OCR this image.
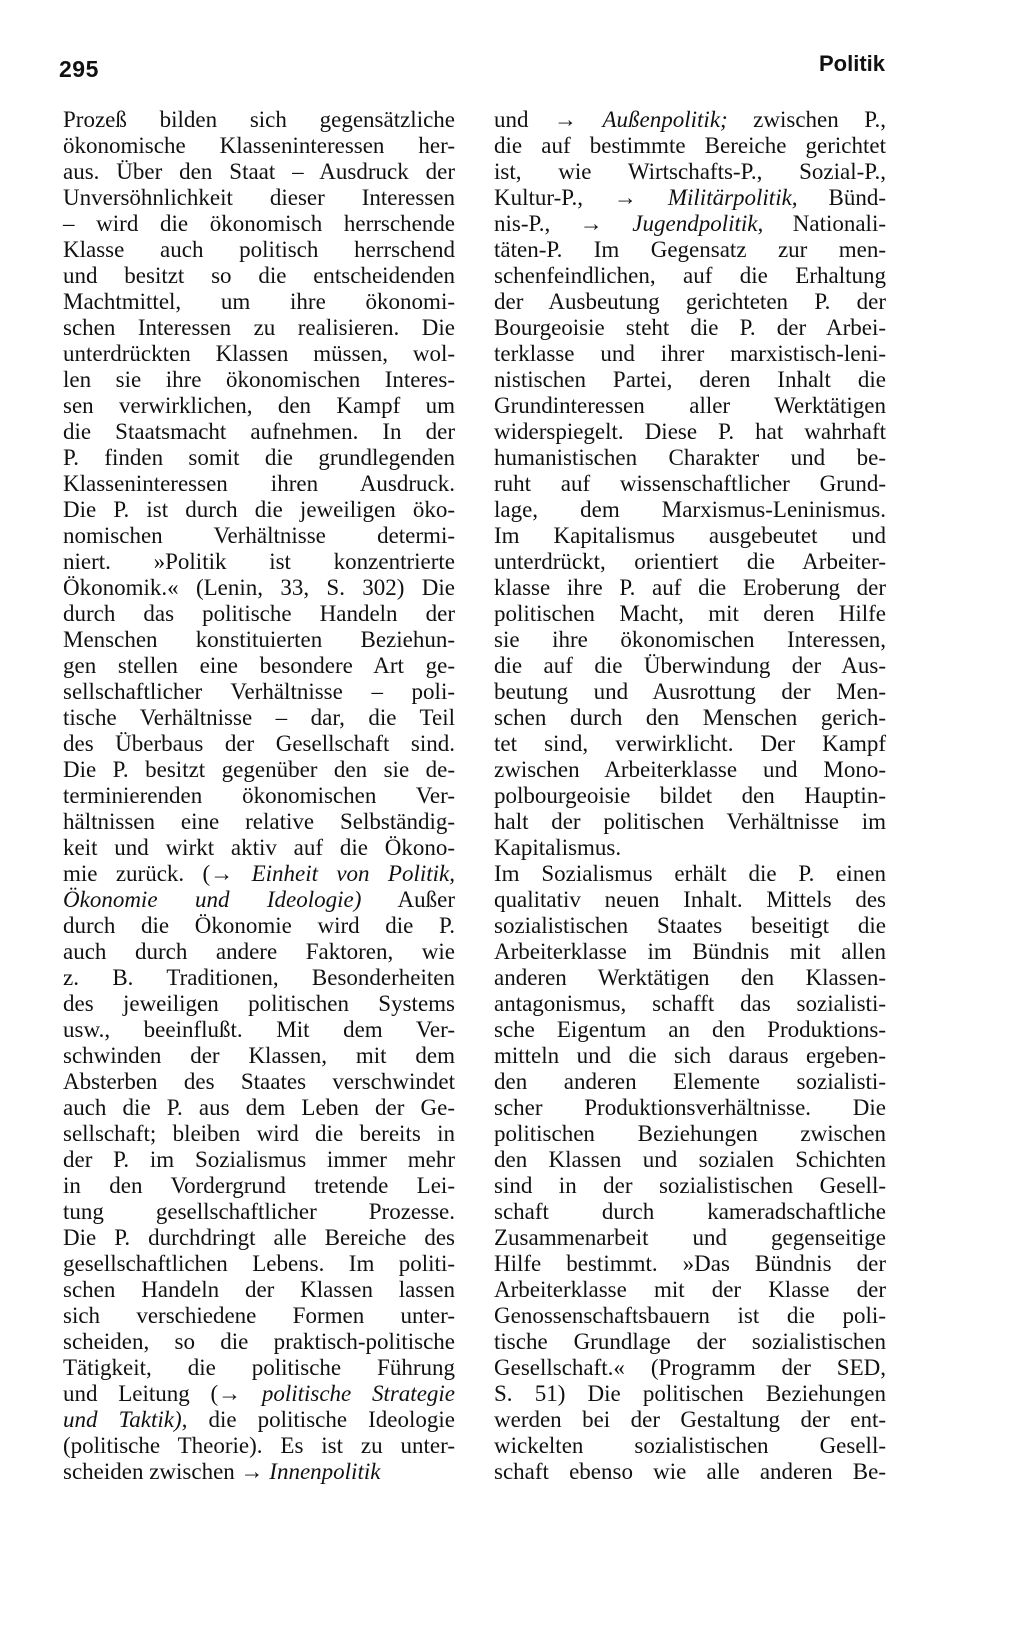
295	Politik
Prozeß bilden sich gegensätzliche
ökonomische Klasseninteressen her-
aus. Über den Staat – Ausdruck der
Unversöhnlichkeit dieser Interessen
– wird die ökonomisch herrschende
Klasse auch politisch herrschend
und besitzt so die entscheidenden
Machtmittel, um ihre ökonomi-
schen Interessen zu realisieren. Die
unterdrückten Klassen müssen, wol-
len sie ihre ökonomischen Interes-
sen verwirklichen, den Kampf um
die Staatsmacht aufnehmen. In der
P. finden somit die grundlegenden
Klasseninteressen ihren Ausdruck.
Die P. ist durch die jeweiligen öko-
nomischen Verhältnisse determi-
niert. »Politik ist konzentrierte
Ökonomik.« (Lenin, 33, S. 302) Die
durch das politische Handeln der
Menschen konstituierten Beziehun-
gen stellen eine besondere Art ge-
sellschaftlicher Verhältnisse – poli-
tische Verhältnisse – dar, die Teil
des Überbaus der Gesellschaft sind.
Die P. besitzt gegenüber den sie de-
terminierenden ökonomischen Ver-
hältnissen eine relative Selbständig-
keit und wirkt aktiv auf die Ökono-
mie zurück. (→ Einheit von Politik,
Ökonomie und Ideologie) Außer
durch die Ökonomie wird die P.
auch durch andere Faktoren, wie
z. B. Traditionen, Besonderheiten
des jeweiligen politischen Systems
usw., beeinflußt. Mit dem Ver-
schwinden der Klassen, mit dem
Absterben des Staates verschwindet
auch die P. aus dem Leben der Ge-
sellschaft; bleiben wird die bereits in
der P. im Sozialismus immer mehr
in den Vordergrund tretende Lei-
tung gesellschaftlicher Prozesse.
Die P. durchdringt alle Bereiche des
gesellschaftlichen Lebens. Im politi-
schen Handeln der Klassen lassen
sich verschiedene Formen unter-
scheiden, so die praktisch-politische
Tätigkeit, die politische Führung
und Leitung (→ politische Strategie
und Taktik), die politische Ideologie
(politische Theorie). Es ist zu unter-
scheiden zwischen → Innenpolitik
und → Außenpolitik; zwischen P.,
die auf bestimmte Bereiche gerichtet
ist, wie Wirtschafts-P., Sozial-P.,
Kultur-P., → Militärpolitik, Bünd-
nis-P., → Jugendpolitik, Nationali-
täten-P. Im Gegensatz zur men-
schenfeindlichen, auf die Erhaltung
der Ausbeutung gerichteten P. der
Bourgeoisie steht die P. der Arbei-
terklasse und ihrer marxistisch-leni-
nistischen Partei, deren Inhalt die
Grundinteressen aller Werktätigen
widerspiegelt. Diese P. hat wahrhaft
humanistischen Charakter und be-
ruht auf wissenschaftlicher Grund-
lage, dem Marxismus-Leninismus.
Im Kapitalismus ausgebeutet und
unterdrückt, orientiert die Arbeiter-
klasse ihre P. auf die Eroberung der
politischen Macht, mit deren Hilfe
sie ihre ökonomischen Interessen,
die auf die Überwindung der Aus-
beutung und Ausrottung der Men-
schen durch den Menschen gerich-
tet sind, verwirklicht. Der Kampf
zwischen Arbeiterklasse und Mono-
polbourgeoisie bildet den Hauptin-
halt der politischen Verhältnisse im
Kapitalismus.
Im Sozialismus erhält die P. einen
qualitativ neuen Inhalt. Mittels des
sozialistischen Staates beseitigt die
Arbeiterklasse im Bündnis mit allen
anderen Werktätigen den Klassen-
antagonismus, schafft das sozialisti-
sche Eigentum an den Produktions-
mitteln und die sich daraus ergeben-
den anderen Elemente sozialisti-
scher Produktionsverhältnisse. Die
politischen Beziehungen zwischen
den Klassen und sozialen Schichten
sind in der sozialistischen Gesell-
schaft durch kameradschaftliche
Zusammenarbeit und gegenseitige
Hilfe bestimmt. »Das Bündnis der
Arbeiterklasse mit der Klasse der
Genossenschaftsbauern ist die poli-
tische Grundlage der sozialistischen
Gesellschaft.« (Programm der SED,
S. 51) Die politischen Beziehungen
werden bei der Gestaltung der ent-
wickelten sozialistischen Gesell-
schaft ebenso wie alle anderen Be-
